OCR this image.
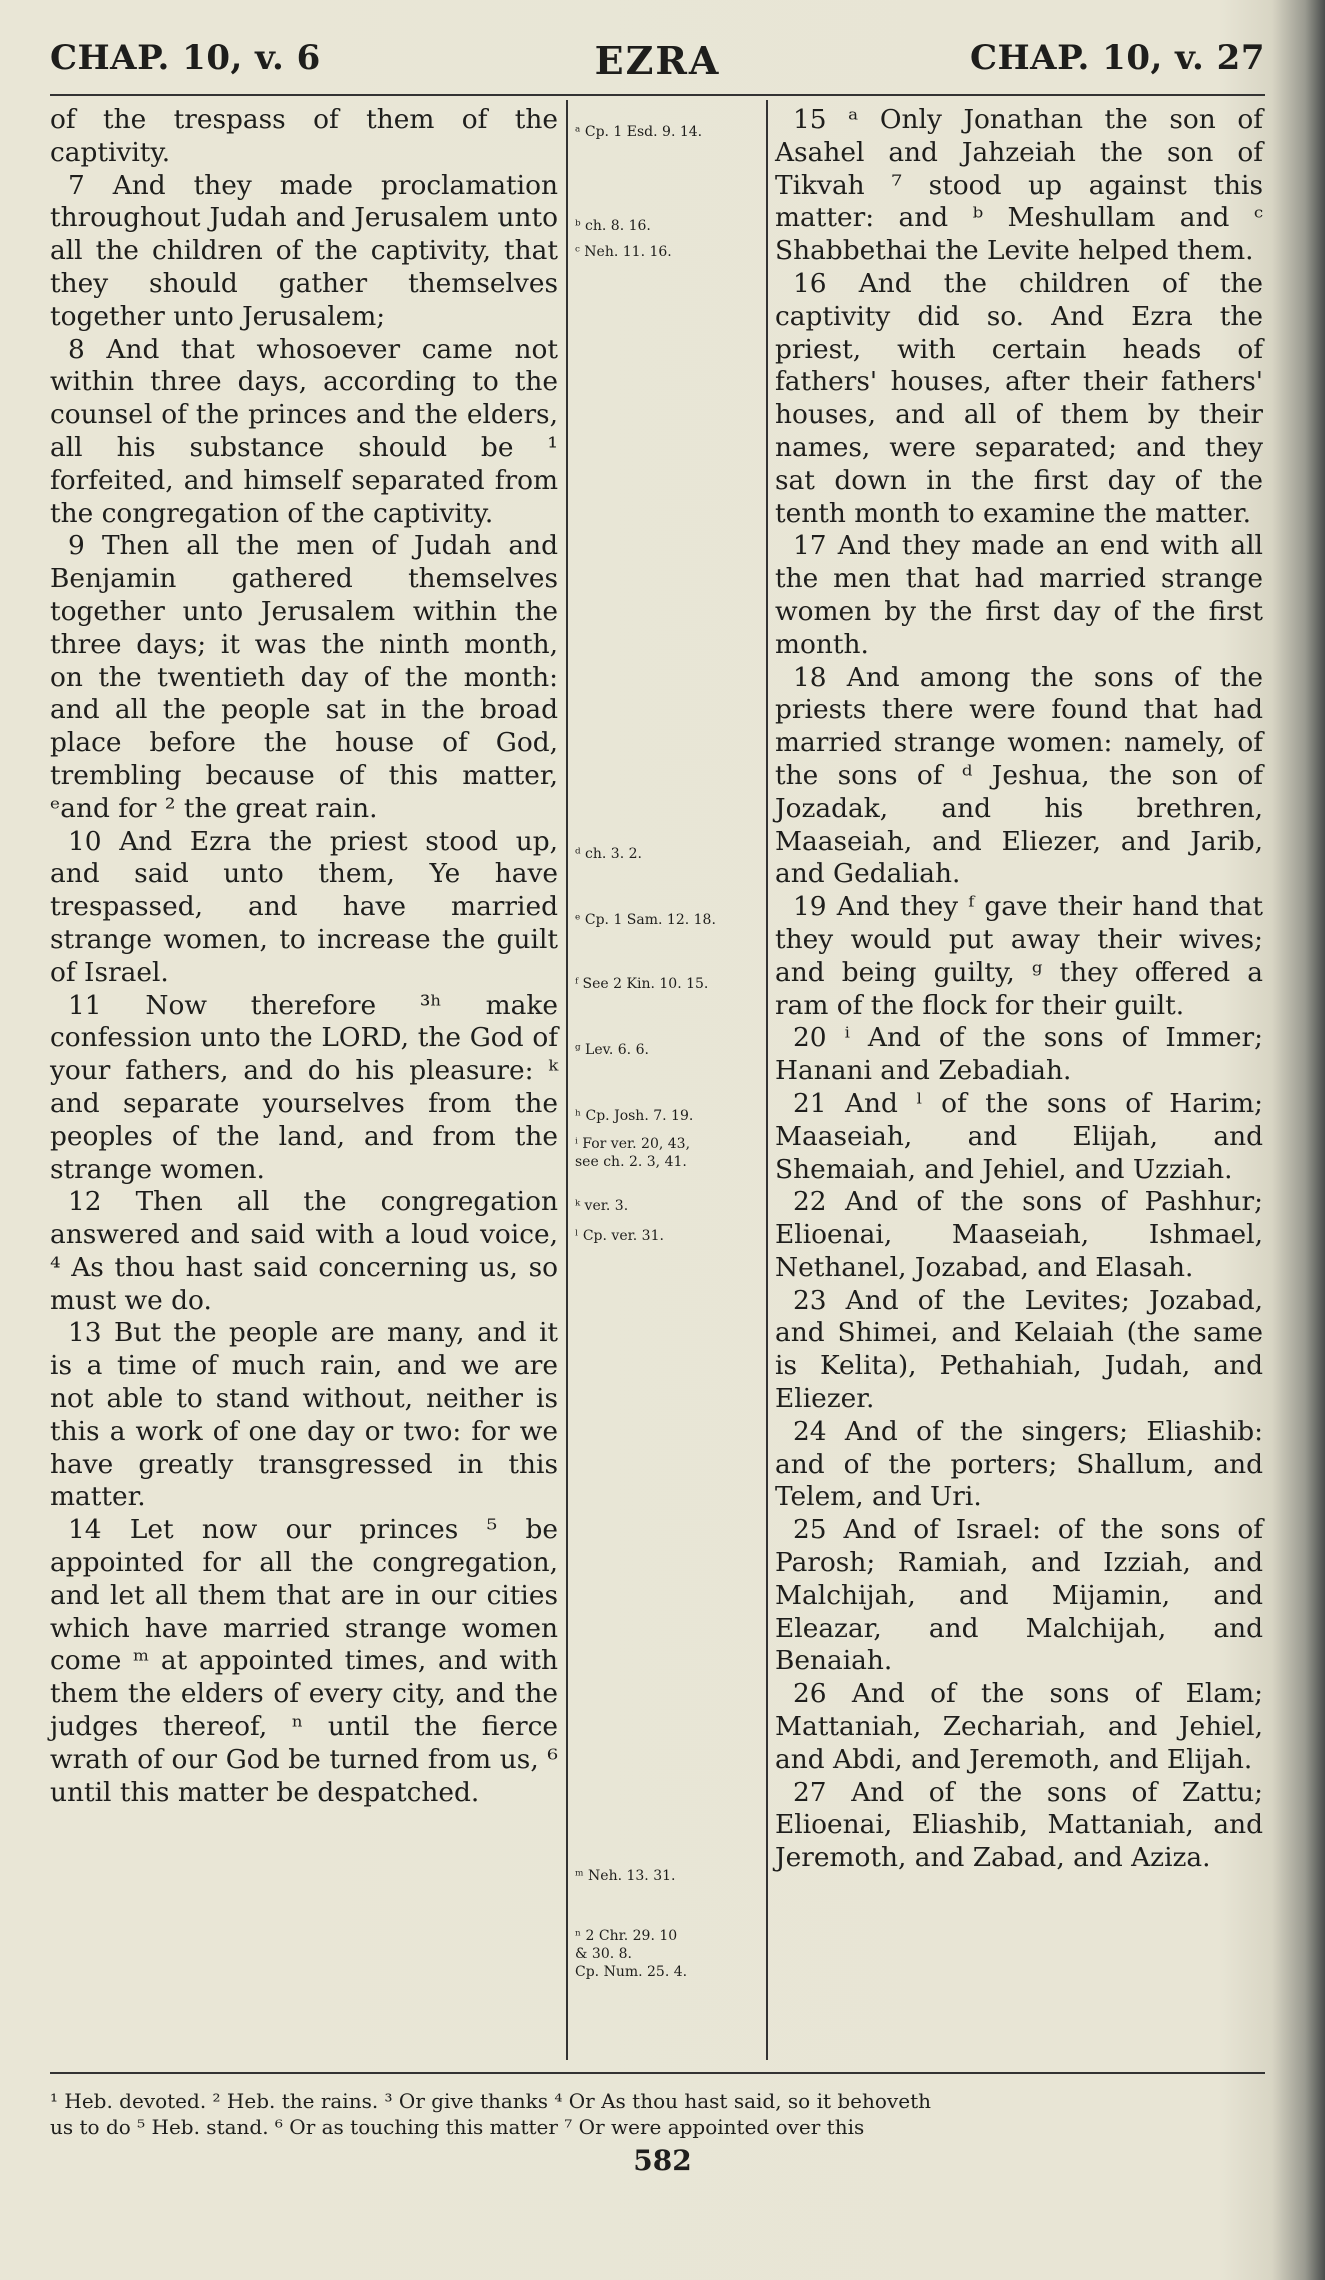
CHAP. 10, v. 6	EZRA	CHAP. 10, v. 27

of the trespass of them of the captivity.

7 And they made proclamation throughout Judah and Jerusalem unto all the children of the captivity, that they should gather themselves together unto Jerusalem;

8 And that whosoever came not within three days, according to the counsel of the princes and the elders, all his substance should be ¹ forfeited, and himself separated from the congregation of the captivity.

9 Then all the men of Judah and Benjamin gathered themselves together unto Jerusalem within the three days; it was the ninth month, on the twentieth day of the month: and all the people sat in the broad place before the house of God, trembling because of this matter, ᵉand for ² the great rain.

10 And Ezra the priest stood up, and said unto them, Ye have trespassed, and have married strange women, to increase the guilt of Israel.

11 Now therefore ³ʰ make confession unto the LORD, the God of your fathers, and do his pleasure: ᵏ and separate yourselves from the peoples of the land, and from the strange women.

12 Then all the congregation answered and said with a loud voice, ⁴ As thou hast said concerning us, so must we do.

13 But the people are many, and it is a time of much rain, and we are not able to stand without, neither is this a work of one day or two: for we have greatly transgressed in this matter.

14 Let now our princes ⁵ be appointed for all the congregation, and let all them that are in our cities which have married strange women come ᵐ at appointed times, and with them the elders of every city, and the judges thereof, ⁿ until the fierce wrath of our God be turned from us, ⁶ until this matter be despatched.

ᵃ Cp. 1 Esd. 9. 14.
ᵇ ch. 8. 16.
ᶜ Neh. 11. 16.
ᵈ ch. 3. 2.
ᵉ Cp. 1 Sam. 12. 18.
ᶠ See 2 Kin. 10. 15.
ᵍ Lev. 6. 6.
ʰ Cp. Josh. 7. 19.
ⁱ For ver. 20, 43,
see ch. 2. 3, 41.
ᵏ ver. 3.
ˡ Cp. ver. 31.
ᵐ Neh. 13. 31.
ⁿ 2 Chr. 29. 10
& 30. 8.
Cp. Num. 25. 4.

15 ᵃ Only Jonathan the son of Asahel and Jahzeiah the son of Tikvah ⁷ stood up against this matter: and ᵇ Meshullam and ᶜ Shabbethai the Levite helped them.

16 And the children of the captivity did so. And Ezra the priest, with certain heads of fathers' houses, after their fathers' houses, and all of them by their names, were separated; and they sat down in the first day of the tenth month to examine the matter.

17 And they made an end with all the men that had married strange women by the first day of the first month.

18 And among the sons of the priests there were found that had married strange women: namely, of the sons of ᵈ Jeshua, the son of Jozadak, and his brethren, Maaseiah, and Eliezer, and Jarib, and Gedaliah.

19 And they ᶠ gave their hand that they would put away their wives; and being guilty, ᵍ they offered a ram of the flock for their guilt.

20 ⁱ And of the sons of Immer; Hanani and Zebadiah.

21 And ˡ of the sons of Harim; Maaseiah, and Elijah, and Shemaiah, and Jehiel, and Uzziah.

22 And of the sons of Pashhur; Elioenai, Maaseiah, Ishmael, Nethanel, Jozabad, and Elasah.

23 And of the Levites; Jozabad, and Shimei, and Kelaiah (the same is Kelita), Pethahiah, Judah, and Eliezer.

24 And of the singers; Eliashib: and of the porters; Shallum, and Telem, and Uri.

25 And of Israel: of the sons of Parosh; Ramiah, and Izziah, and Malchijah, and Mijamin, and Eleazar, and Malchijah, and Benaiah.

26 And of the sons of Elam; Mattaniah, Zechariah, and Jehiel, and Abdi, and Jeremoth, and Elijah.

27 And of the sons of Zattu; Elioenai, Eliashib, Mattaniah, and Jeremoth, and Zabad, and Aziza.

¹ Heb. devoted. ² Heb. the rains. ³ Or give thanks ⁴ Or As thou hast said, so it behoveth
us to do ⁵ Heb. stand. ⁶ Or as touching this matter ⁷ Or were appointed over this
582
